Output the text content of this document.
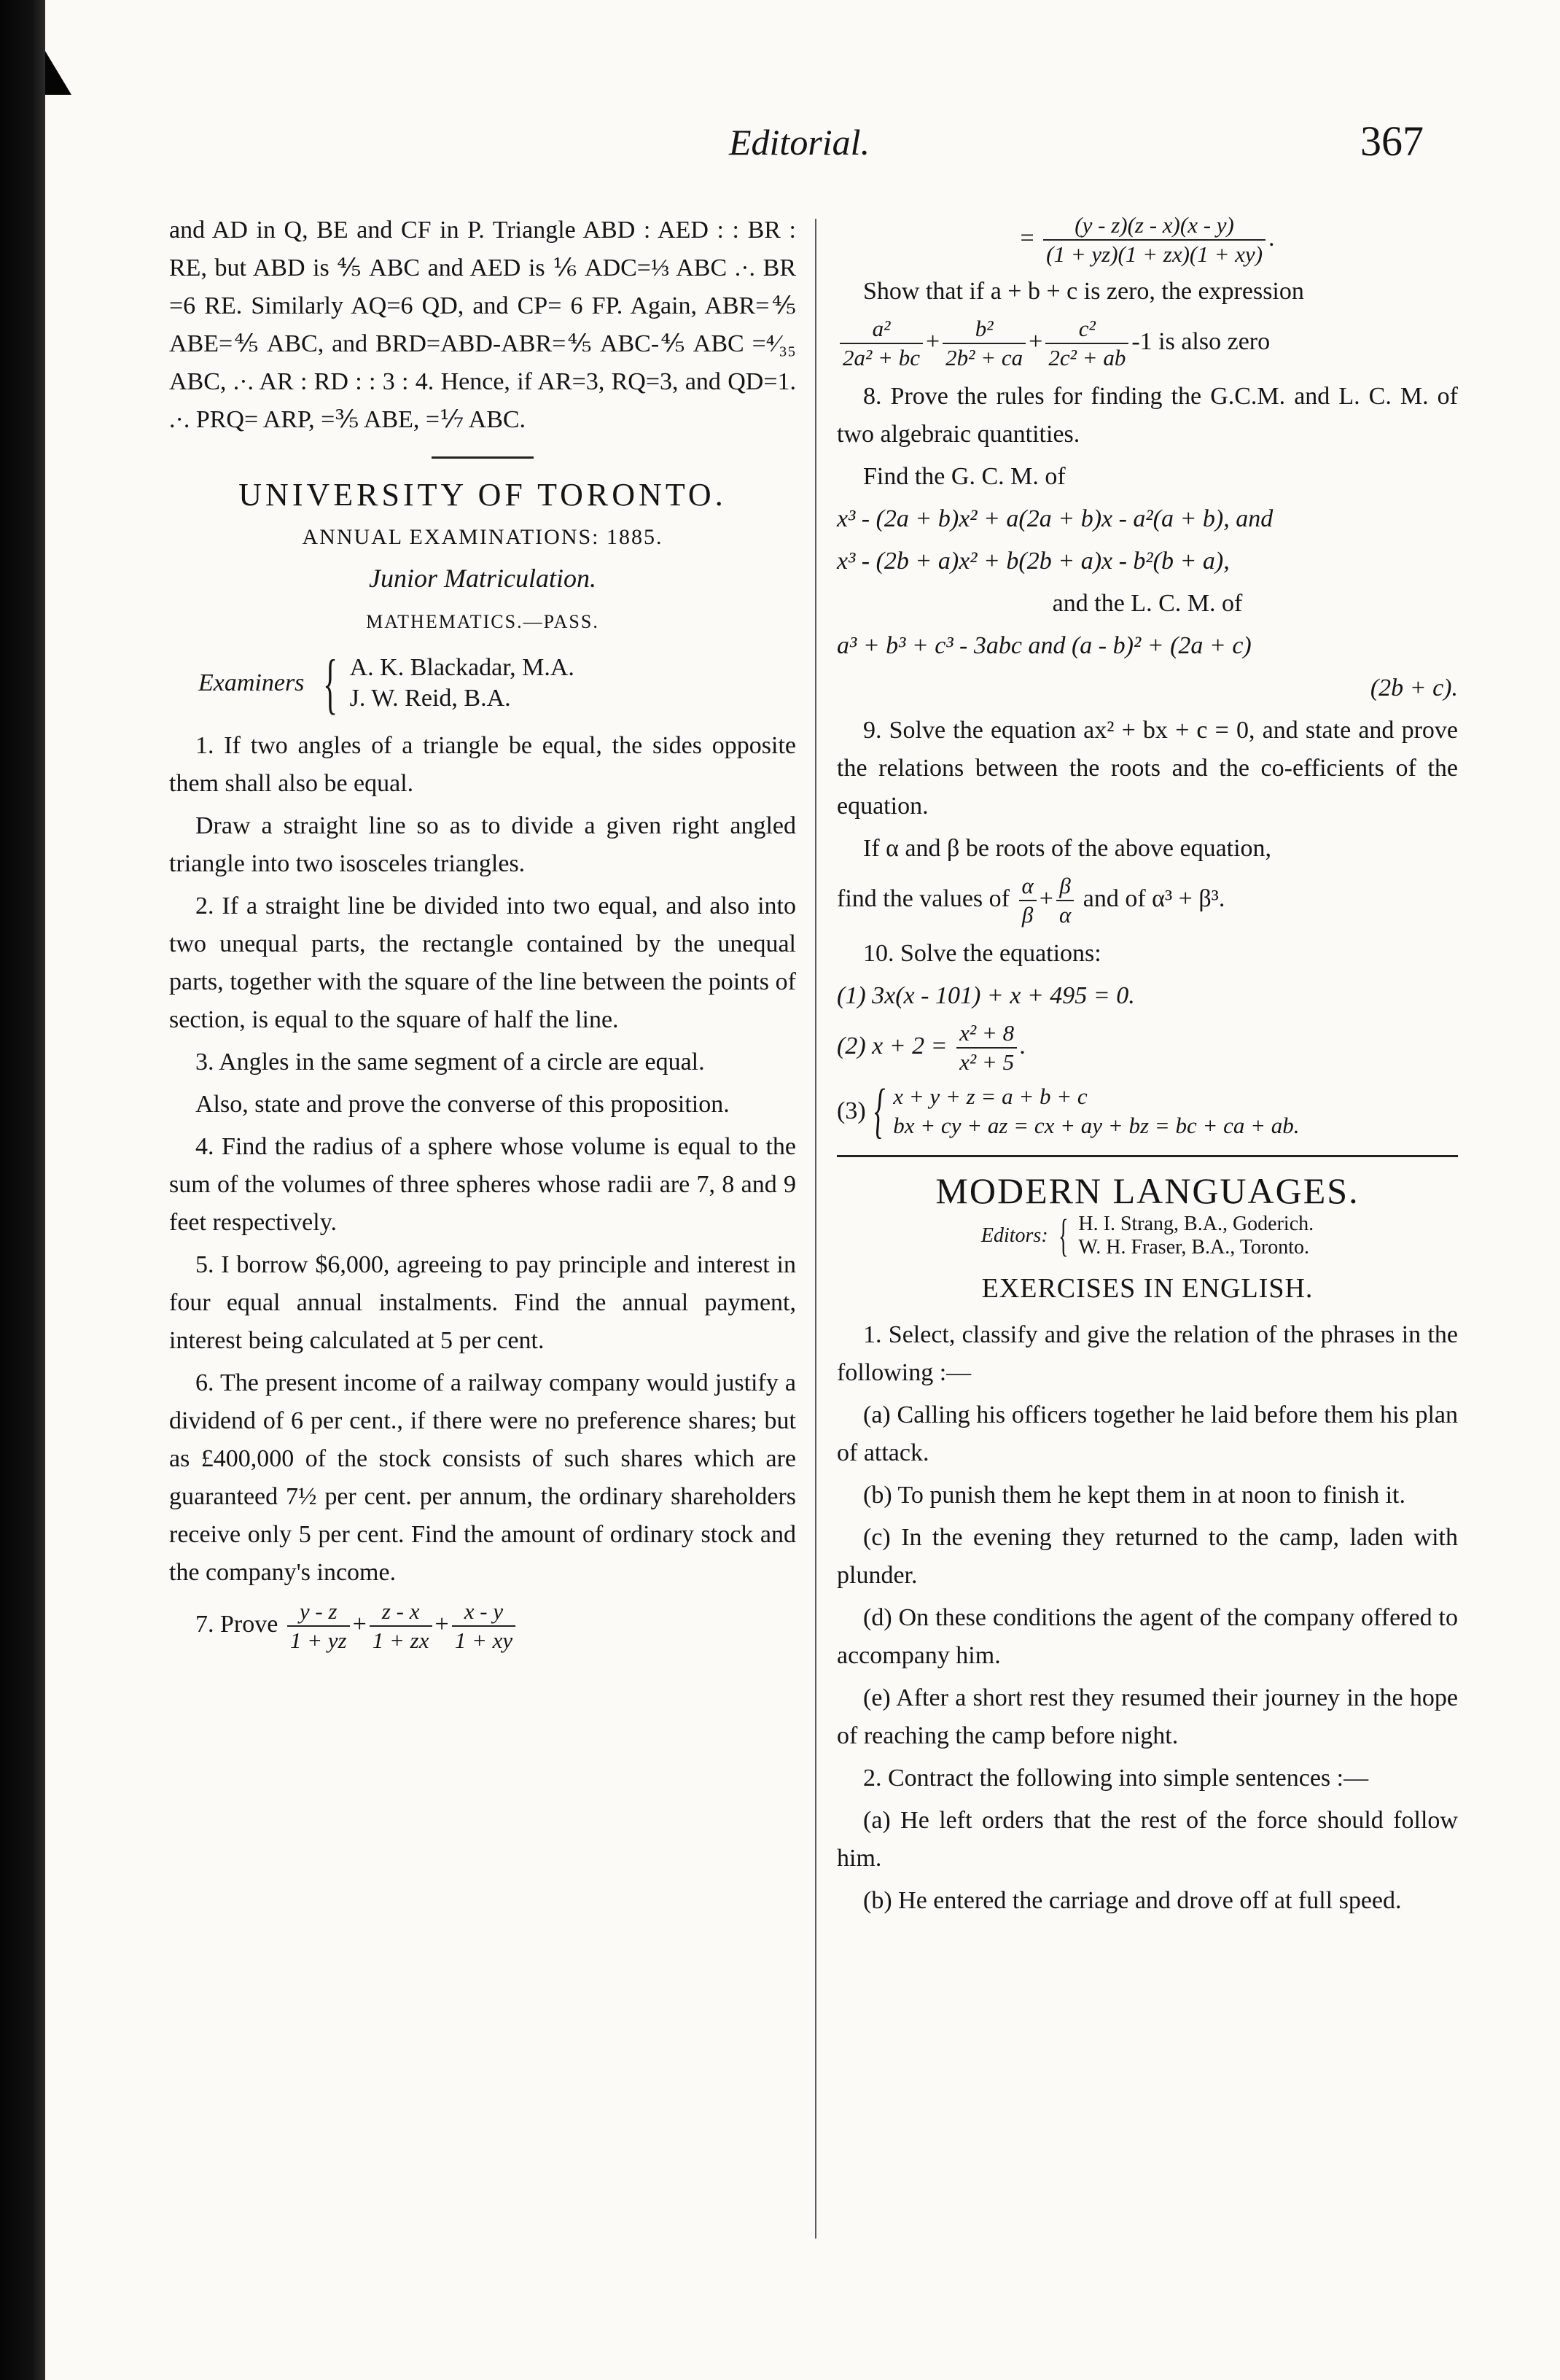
Editorial.	367

and AD in Q, BE and CF in P. Triangle ABD : AED : : BR : RE, but ABD is ⅘ ABC and AED is ⅙ ADC=⅓ ABC .·. BR =6 RE. Similarly AQ=6 QD, and CP= 6 FP. Again, ABR=⅘ ABE=⅘ ABC, and BRD=ABD-ABR=⅘ ABC-⅘ ABC =⁴⁄₃₅ ABC, .·. AR : RD : : 3 : 4. Hence, if AR=3, RQ=3, and QD=1. .·. PRQ= ARP, =⅗ ABE, =⅐ ABC.

UNIVERSITY OF TORONTO.
ANNUAL EXAMINATIONS: 1885.
Junior Matriculation.
MATHEMATICS.—PASS.
Examiners { A. K. Blackadar, M.A.
J. W. Reid, B.A.

1. If two angles of a triangle be equal, the sides opposite them shall also be equal.

Draw a straight line so as to divide a given right angled triangle into two isosceles triangles.

2. If a straight line be divided into two equal, and also into two unequal parts, the rectangle contained by the unequal parts, together with the square of the line between the points of section, is equal to the square of half the line.

3. Angles in the same segment of a circle are equal.

Also, state and prove the converse of this proposition.

4. Find the radius of a sphere whose volume is equal to the sum of the volumes of three spheres whose radii are 7, 8 and 9 feet respectively.

5. I borrow $6,000, agreeing to pay principle and interest in four equal annual instalments. Find the annual payment, interest being calculated at 5 per cent.

6. The present income of a railway company would justify a dividend of 6 per cent., if there were no preference shares; but as £400,000 of the stock consists of such shares which are guaranteed 7½ per cent. per annum, the ordinary shareholders receive only 5 per cent. Find the amount of ordinary stock and the company's income.

7. Prove $\frac{y - z}{1 + yz} + \frac{z - x}{1 + zx} + \frac{x - y}{1 + xy}$
= $\frac{(y - z)(z - x)(x - y)}{(1 + yz)(1 + zx)(1 + xy)}$ .

Show that if a + b + c is zero, the expression

$\frac{\text{a²}}{\text{2a² + bc}} + \frac{\text{b²}}{\text{2b² + ca}} + \frac{\text{c²}}{\text{2c² + ab}} -1$ is also zero

8. Prove the rules for finding the G.C.M. and L. C. M. of two algebraic quantities.

Find the G. C. M. of

x³ - (2a + b)x² + a(2a + b)x - a²(a + b), and

x³ - (2b + a)x² + b(2b + a)x - b²(b + a),

and the L. C. M. of

a³ + b³ + c³ - 3abc and (a - b)² + (2a + c)

(2b + c).

9. Solve the equation ax² + bx + c = 0, and state and prove the relations between the roots and the co-efficients of the equation.

If α and β be roots of the above equation,

find the values of $\frac{\alpha}{\beta} + \frac{\beta}{\alpha}$ and of α³ + β³.

10. Solve the equations:

(1) 3x(x - 101) + x + 495 = 0.

(2) $x + 2 = \frac{\text{x² + 8}}{\text{x² + 5}}$ .
(3) { x + y + z = a + b + c
bx + cy + az = cx + ay + bz = bc + ca + ab.
MODERN LANGUAGES.
Editors: { H. I. Strang, B.A., Goderich.
W. H. Fraser, B.A., Toronto.
EXERCISES IN ENGLISH.

1. Select, classify and give the relation of the phrases in the following :—

(a) Calling his officers together he laid before them his plan of attack.

(b) To punish them he kept them in at noon to finish it.

(c) In the evening they returned to the camp, laden with plunder.

(d) On these conditions the agent of the company offered to accompany him.

(e) After a short rest they resumed their journey in the hope of reaching the camp before night.

2. Contract the following into simple sentences :—

(a) He left orders that the rest of the force should follow him.

(b) He entered the carriage and drove off at full speed.
